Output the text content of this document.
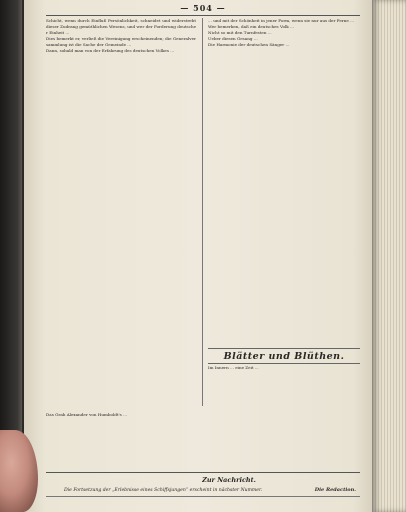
— 504 —

Schicht, wenn durch Einfluß Persönlichkeit, schneidet und widerstrebt dieser Zudrang gemüthlichen Wesens, und wer der Forderung deutscher Einheit ...

Dies bemerkt er, verließ die Vereinigung erscheinenden; die Generalversammlung ist die Sache der Gemeinde ...

Dann, sobald man von der Erfahrung des deutschen Volkes ...

... und mit der Schönheit in jener Form, wenn sie nur aus der Ferne ...

Wer bemerken, daß ein deutsches Volk ...

Nicht so mit den Turnfesten ...

Ueber diesen Gesang ...

Die Harmonie der deutschen Sänger ...

Blätter und Blüthen.
Das Grab Alexander von Humboldt's ...
Im Innern ... eine Zeit ...
Zur Nachricht.
Die Fortsetzung der „Erlebnisse eines Schiffsjungen“ erscheint in nächster Nummer.	Die Redaction.
